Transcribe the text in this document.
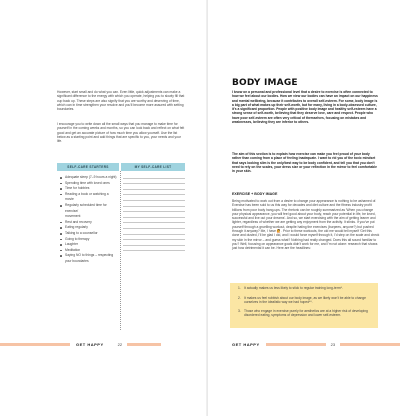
However, start small and do what you can. Even little, quick adjustments can make a significant difference to the energy with which you operate, helping you to slowly fill that cup back up. These steps are also signify that you are worthy and deserving of time, which can in time strengthen your resolve and you'll become more assured with setting boundaries.

I encourage you to write down all the small ways that you manage to make time for yourself in the coming weeks and months, so you can look back and reflect on what felt good and get an accurate picture of how much time you allow yourself. Use the list below as a starting point and add things that are specific to you, your needs and your life.

SELF-CARE STARTERS	MY SELF-CARE LIST
Adequate sleep (7–9 hours a night)
Spending time with loved ones
Time for hobbies
Reading a book or watching a movie
Regularly scheduled time for exercise/
movement
Rest and recovery
Eating regularly
Talking to a counsellor
Going to therapy
Laughter
Meditation
Saying NO to things – respecting
your boundaries
GET HAPPY	22
BODY IMAGE

I know on a personal and professional level that a desire to exercise is often connected to how we feel about our bodies. How we view our bodies can have an impact on our happiness and mental wellbeing, because it contributes to overall self-esteem. For some, body image is a big part of what makes up their self-worth, but for many, living in a body-obsessed culture, it's a significant proportion. People with positive body image and healthy self-esteem have a strong sense of self-worth, believing that they deserve love, care and respect. People who have poor self-esteem are often very critical of themselves, focusing on mistakes and weaknesses, believing they are inferior to others.

The aim of this section is to explain how exercise can make you feel proud of your body rather than coming from a place of feeling inadequate. I want to rid you of the toxic mindset that says looking slim is the only/best way to be body confident, and tell you that you don't need to rely on the scales, your dress size or your reflection in the mirror to feel comfortable in your skin.

EXERCISE + BODY IMAGE

Being motivated to work out from a desire to change your appearance is nothing to be ashamed of. Exercise has been sold to us this way for decades and diet culture and the fitness industry profit billions from poor body hang-ups. The rhetoric can be roughly summarized as 'When you change your physical appearance, you will feel good about your body, reach your potential in life, be loved, successful and live out your dreams'. And so, we start exercising with the aim of getting leaner and lighter, regardless of whether we are getting any enjoyment from the activity. It stinks. If you've put yourself through a gruelling workout, despite hating the exercises (burpees, anyone?) but pushed through it anyway? Me, I have 🙋. Prior to these workouts, the old me would tell myself 'Get this done and dusted, I'll be glad I did, and I would force myself through it, I'd step on the scale and check my skin in the mirror – and guess what? Nothing had really changed. Does this all sound familiar to you? Well, focusing on appearance goals didn't work for me, and I'm not alone: research that shows just how detrimental it can be. Here are the headlines:

1. It actually makes us less likely to stick to regular training long-term*.
2. It makes us feel rubbish about our body image, as we likely won't be able to change ourselves in the idealistic way we had hoped**.
3. Those who engage in exercise purely for aesthetics are at a higher risk of developing disordered eating, symptoms of depression and lower self-esteem.
GET HAPPY	23
